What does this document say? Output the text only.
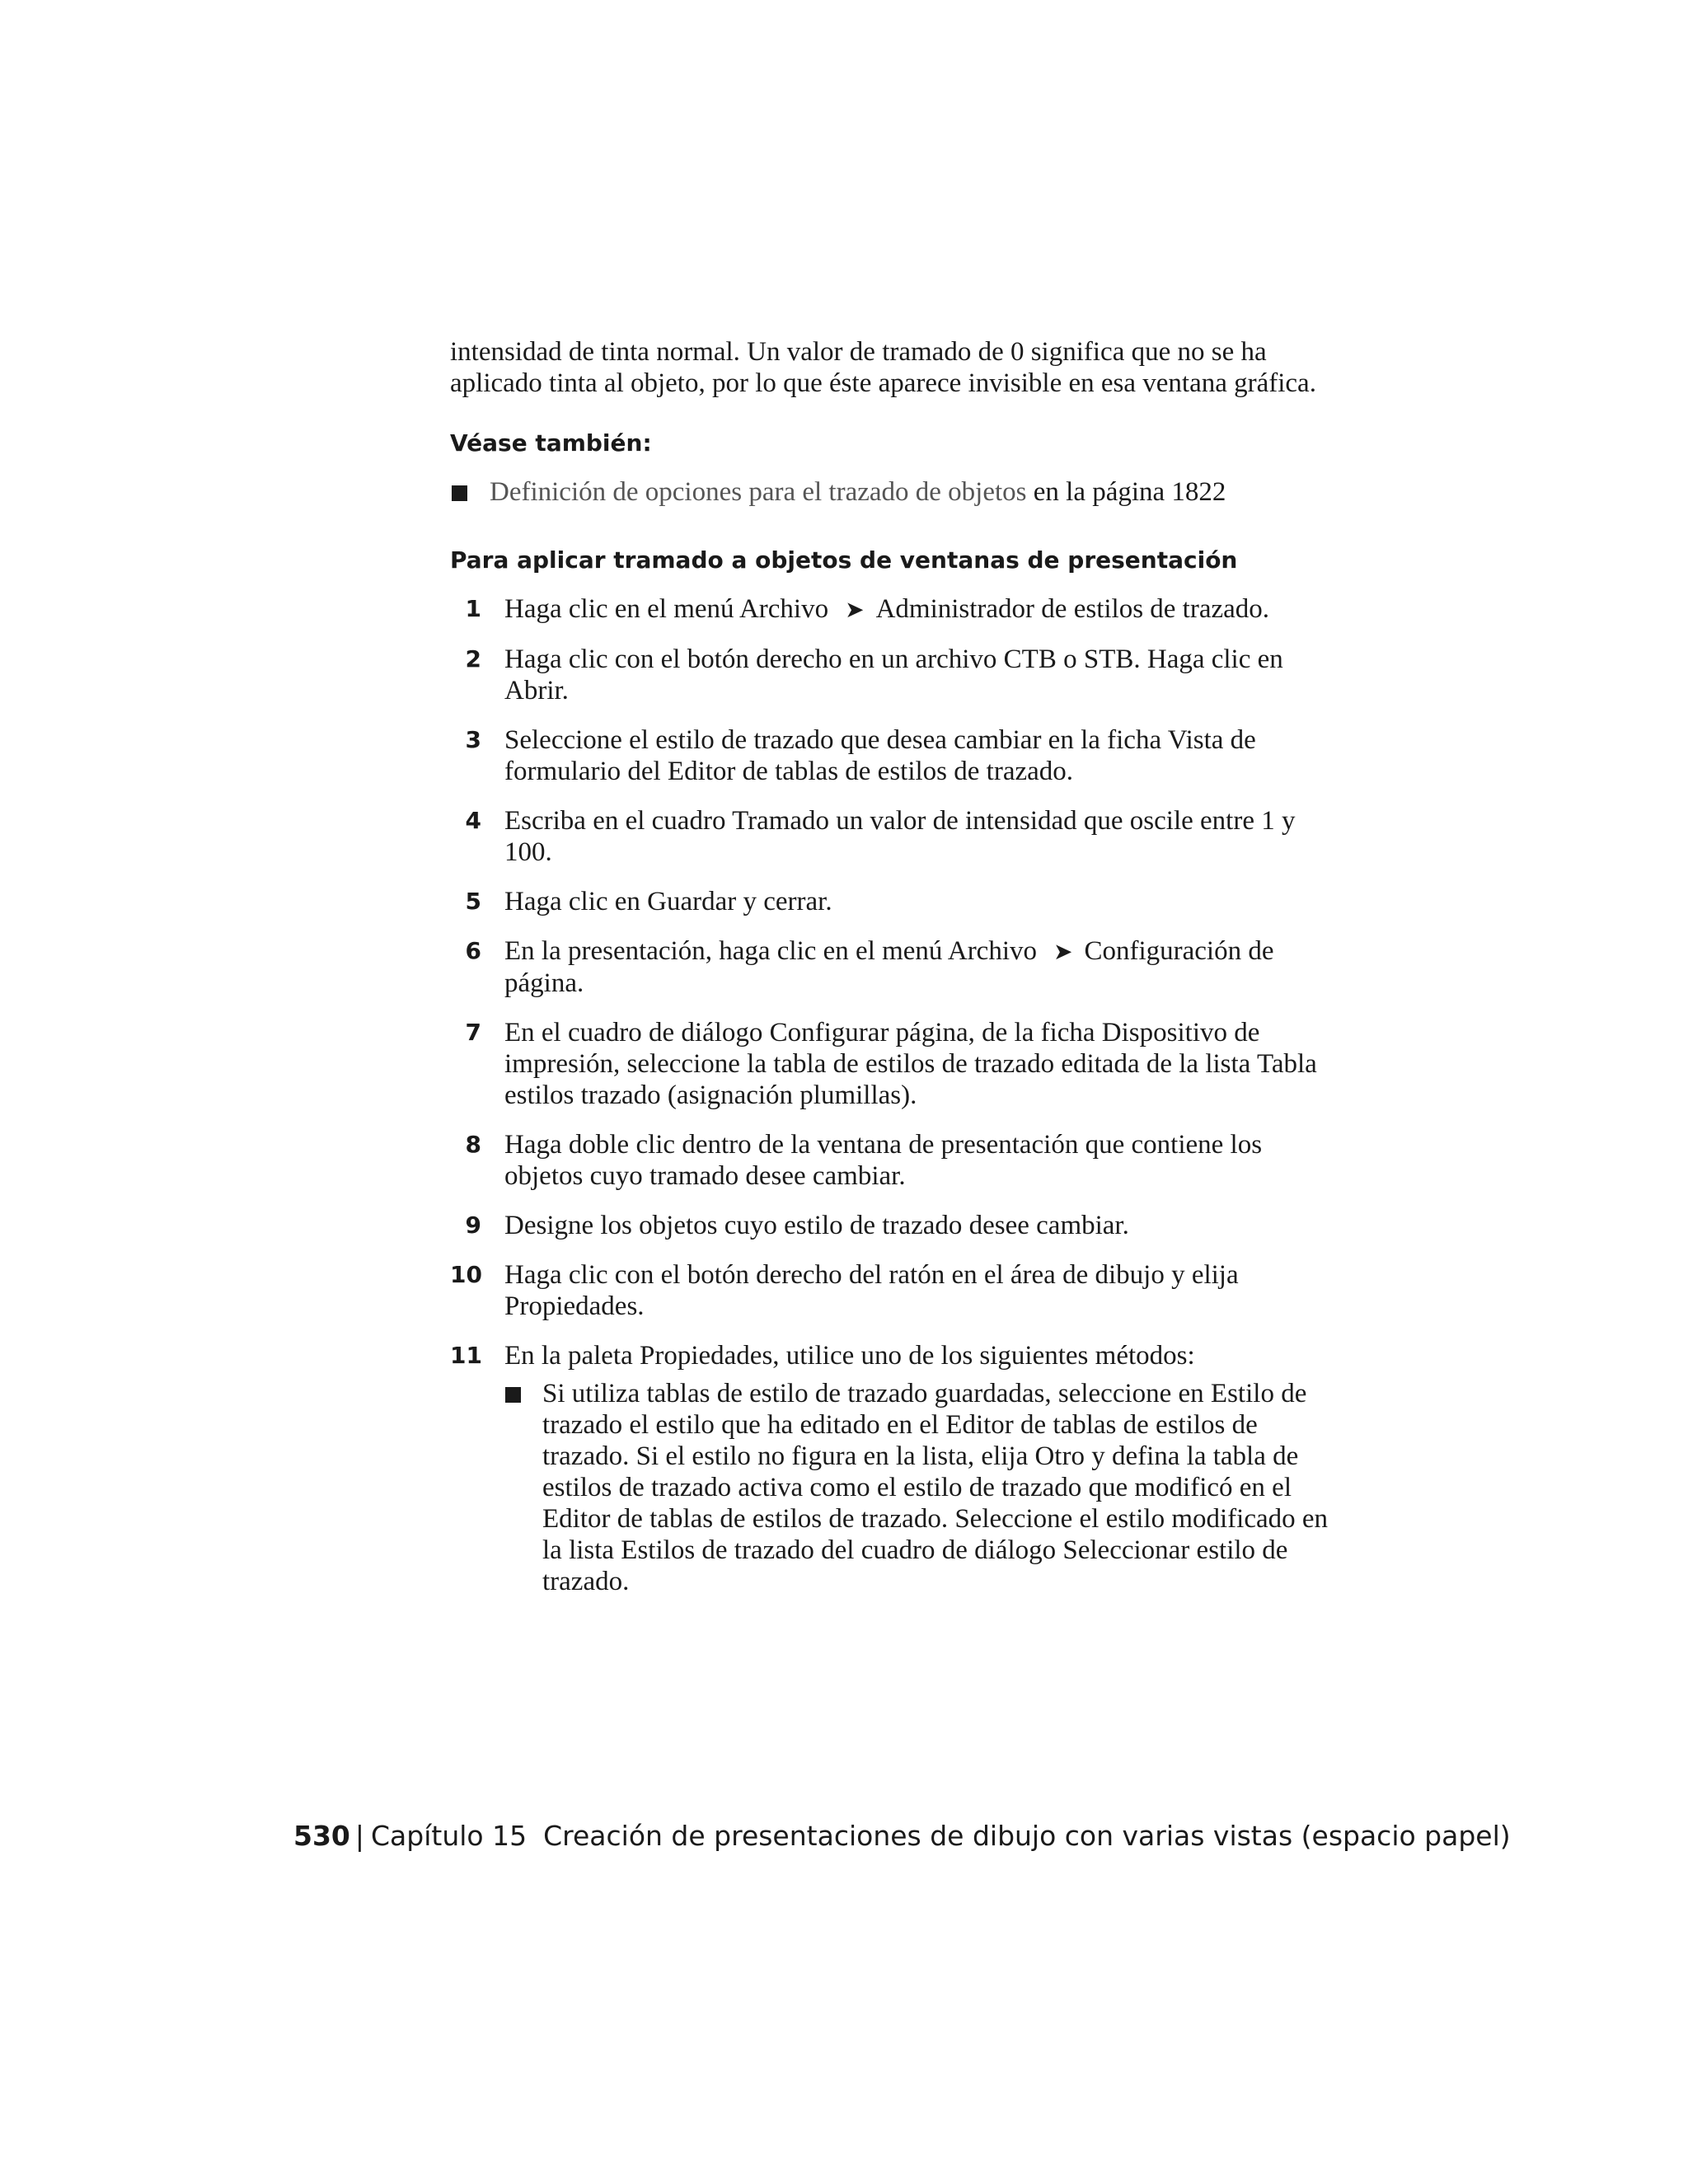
intensidad de tinta normal. Un valor de tramado de 0 significa que no se ha
aplicado tinta al objeto, por lo que éste aparece invisible en esa ventana gráfica.

Véase también:

Definición de opciones para el trazado de objetos en la página 1822

Para aplicar tramado a objetos de ventanas de presentación

1 Haga clic en el menú Archivo ➤ Administrador de estilos de trazado.
2 Haga clic con el botón derecho en un archivo CTB o STB. Haga clic en Abrir.
3 Seleccione el estilo de trazado que desea cambiar en la ficha Vista de formulario del Editor de tablas de estilos de trazado.
4 Escriba en el cuadro Tramado un valor de intensidad que oscile entre 1 y 100.
5 Haga clic en Guardar y cerrar.
6 En la presentación, haga clic en el menú Archivo ➤ Configuración de página.
7 En el cuadro de diálogo Configurar página, de la ficha Dispositivo de impresión, seleccione la tabla de estilos de trazado editada de la lista Tabla estilos trazado (asignación plumillas).
8 Haga doble clic dentro de la ventana de presentación que contiene los objetos cuyo tramado desee cambiar.
9 Designe los objetos cuyo estilo de trazado desee cambiar.
10 Haga clic con el botón derecho del ratón en el área de dibujo y elija Propiedades.
11 En la paleta Propiedades, utilice uno de los siguientes métodos:
Si utiliza tablas de estilo de trazado guardadas, seleccione en Estilo de trazado el estilo que ha editado en el Editor de tablas de estilos de trazado. Si el estilo no figura en la lista, elija Otro y defina la tabla de estilos de trazado activa como el estilo de trazado que modificó en el Editor de tablas de estilos de trazado. Seleccione el estilo modificado en la lista Estilos de trazado del cuadro de diálogo Seleccionar estilo de trazado.
530 | Capítulo 15 Creación de presentaciones de dibujo con varias vistas (espacio papel)
